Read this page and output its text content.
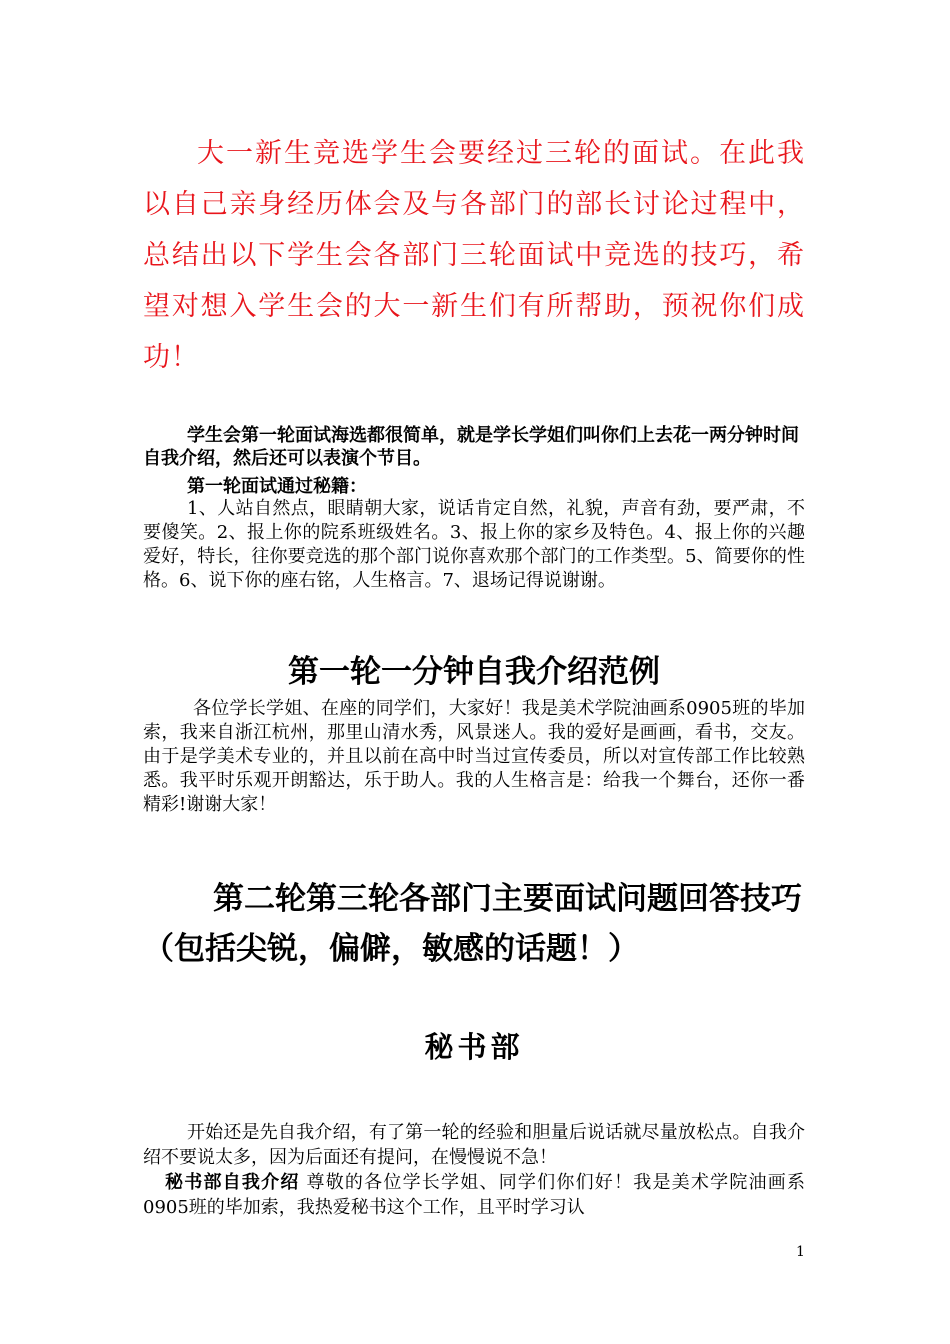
大一新生竞选学生会要经过三轮的面试。在此我以自己亲身经历体会及与各部门的部长讨论过程中，总结出以下学生会各部门三轮面试中竞选的技巧，希望对想入学生会的大一新生们有所帮助，预祝你们成功！

学生会第一轮面试海选都很简单，就是学长学姐们叫你们上去花一两分钟时间自我介绍，然后还可以表演个节目。

第一轮面试通过秘籍：

1、人站自然点，眼睛朝大家，说话肯定自然，礼貌，声音有劲，要严肃，不要傻笑。2、报上你的院系班级姓名。3、报上你的家乡及特色。4、报上你的兴趣爱好，特长，往你要竞选的那个部门说你喜欢那个部门的工作类型。5、简要你的性格。6、说下你的座右铭，人生格言。7、退场记得说谢谢。

第一轮一分钟自我介绍范例

各位学长学姐、在座的同学们，大家好！我是美术学院油画系0905班的毕加索，我来自浙江杭州，那里山清水秀，风景迷人。我的爱好是画画，看书，交友。由于是学美术专业的，并且以前在高中时当过宣传委员，所以对宣传部工作比较熟悉。我平时乐观开朗豁达，乐于助人。我的人生格言是：给我一个舞台，还你一番精彩!谢谢大家！

第二轮第三轮各部门主要面试问题回答技巧（包括尖锐，偏僻，敏感的话题！）
秘书部

开始还是先自我介绍，有了第一轮的经验和胆量后说话就尽量放松点。自我介绍不要说太多，因为后面还有提问，在慢慢说不急！

秘书部自我介绍 尊敬的各位学长学姐、同学们你们好！我是美术学院油画系0905班的毕加索，我热爱秘书这个工作，且平时学习认

1
